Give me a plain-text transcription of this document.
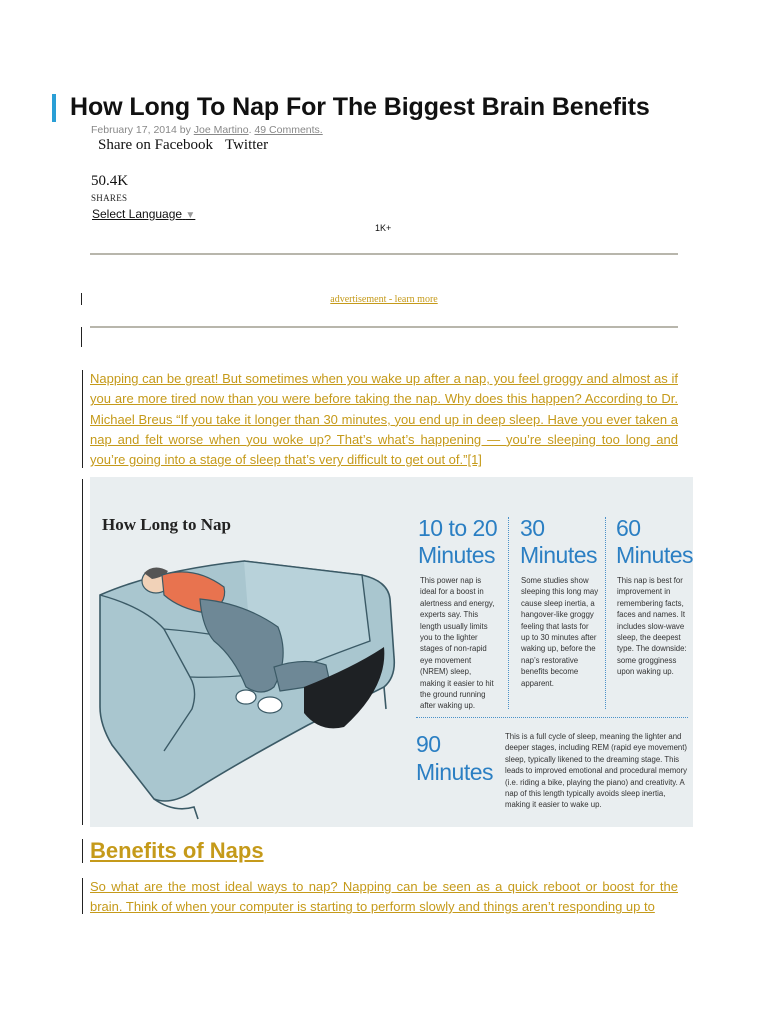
How Long To Nap For The Biggest Brain Benefits
February 17, 2014 by Joe Martino. 49 Comments.
Share on Facebook Twitter
50.4K
SHARES
Select Language ▼
1K+
advertisement - learn more
Napping can be great! But sometimes when you wake up after a nap, you feel groggy and almost as if you are more tired now than you were before taking the nap. Why does this happen? According to Dr. Michael Breus “If you take it longer than 30 minutes, you end up in deep sleep. Have you ever taken a nap and felt worse when you woke up? That’s what’s happening — you’re sleeping too long and you’re going into a stage of sleep that’s very difficult to get out of.”[1]
How Long to Nap	10 to 20
Minutes
This power nap is ideal for a boost in alertness and energy, experts say. This length usually limits you to the lighter stages of non-rapid eye movement (NREM) sleep, making it easier to hit the ground running after waking up.
30
Minutes
Some studies show sleeping this long may cause sleep inertia, a hangover-like groggy feeling that lasts for up to 30 minutes after waking up, before the nap’s restorative benefits become apparent.
60
Minutes
This nap is best for improvement in remembering facts, faces and names. It includes slow-wave sleep, the deepest type. The downside: some grogginess upon waking up.
90
Minutes
This is a full cycle of sleep, meaning the lighter and deeper stages, including REM (rapid eye movement) sleep, typically likened to the dreaming stage. This leads to improved emotional and procedural memory (i.e. riding a bike, playing the piano) and creativity. A nap of this length typically avoids sleep inertia, making it easier to wake up.
Benefits of Naps
So what are the most ideal ways to nap? Napping can be seen as a quick reboot or boost for the brain. Think of when your computer is starting to perform slowly and things aren’t responding up to
